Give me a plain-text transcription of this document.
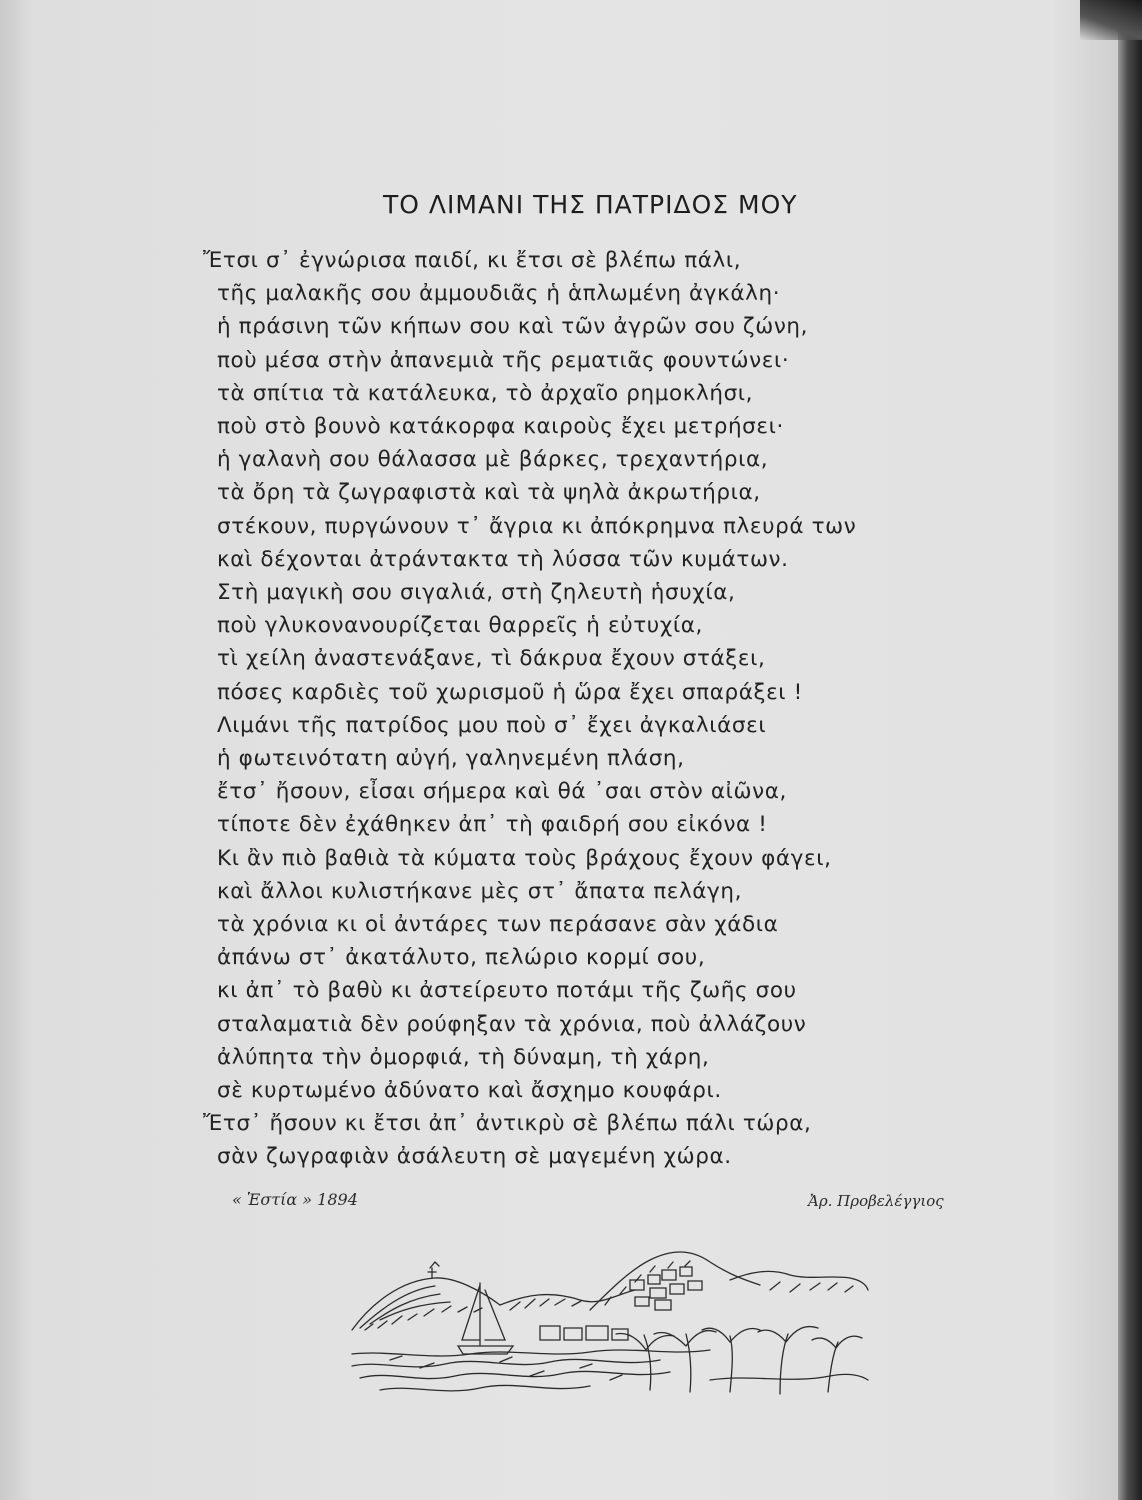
ΤΟ ΛΙΜΑΝΙ ΤΗΣ ΠΑΤΡΙΔΟΣ ΜΟΥ
Ἔτσι σ᾽ ἐγνώρισα παιδί, κι ἔτσι σὲ βλέπω πάλι,
τῆς μαλακῆς σου ἀμμουδιᾶς ἡ ἁπλωμένη ἀγκάλη·
ἡ πράσινη τῶν κήπων σου καὶ τῶν ἀγρῶν σου ζώνη,
ποὺ μέσα στὴν ἀπανεμιὰ τῆς ρεματιᾶς φουντώνει·
τὰ σπίτια τὰ κατάλευκα, τὸ ἀρχαῖο ρημοκλήσι,
ποὺ στὸ βουνὸ κατάκορφα καιροὺς ἔχει μετρήσει·
ἡ γαλανὴ σου θάλασσα μὲ βάρκες, τρεχαντήρια,
τὰ ὄρη τὰ ζωγραφιστὰ καὶ τὰ ψηλὰ ἀκρωτήρια,
στέκουν, πυργώνουν τ᾽ ἄγρια κι ἀπόκρημνα πλευρά των
καὶ δέχονται ἀτράντακτα τὴ λύσσα τῶν κυμάτων.
Στὴ μαγικὴ σου σιγαλιά, στὴ ζηλευτὴ ἡσυχία,
ποὺ γλυκονανουρίζεται θαρρεῖς ἡ εὐτυχία,
τὶ χείλη ἀναστενάξανε, τὶ δάκρυα ἔχουν στάξει,
πόσες καρδιὲς τοῦ χωρισμοῦ ἡ ὥρα ἔχει σπαράξει !
Λιμάνι τῆς πατρίδος μου ποὺ σ᾽ ἔχει ἀγκαλιάσει
ἡ φωτεινότατη αὐγή, γαληνεμένη πλάση,
ἔτσ᾽ ἤσουν, εἶσαι σήμερα καὶ θά ᾽σαι στὸν αἰῶνα,
τίποτε δὲν ἐχάθηκεν ἀπ᾽ τὴ φαιδρή σου εἰκόνα !
Κι ἂν πιὸ βαθιὰ τὰ κύματα τοὺς βράχους ἔχουν φάγει,
καὶ ἄλλοι κυλιστήκανε μὲς στ᾽ ἄπατα πελάγη,
τὰ χρόνια κι οἱ ἀντάρες των περάσανε σὰν χάδια
ἀπάνω στ᾽ ἀκατάλυτο, πελώριο κορμί σου,
κι ἀπ᾽ τὸ βαθὺ κι ἀστείρευτο ποτάμι τῆς ζωῆς σου
σταλαματιὰ δὲν ρούφηξαν τὰ χρόνια, ποὺ ἀλλάζουν
ἀλύπητα τὴν ὀμορφιά, τὴ δύναμη, τὴ χάρη,
σὲ κυρτωμένο ἀδύνατο καὶ ἄσχημο κουφάρι.
Ἔτσ᾽ ἤσουν κι ἔτσι ἀπ᾽ ἀντικρὺ σὲ βλέπω πάλι τώρα,
σὰν ζωγραφιὰν ἀσάλευτη σὲ μαγεμένη χώρα.
« Ἑστία » 1894	Ἀρ. Προβελέγγιος
